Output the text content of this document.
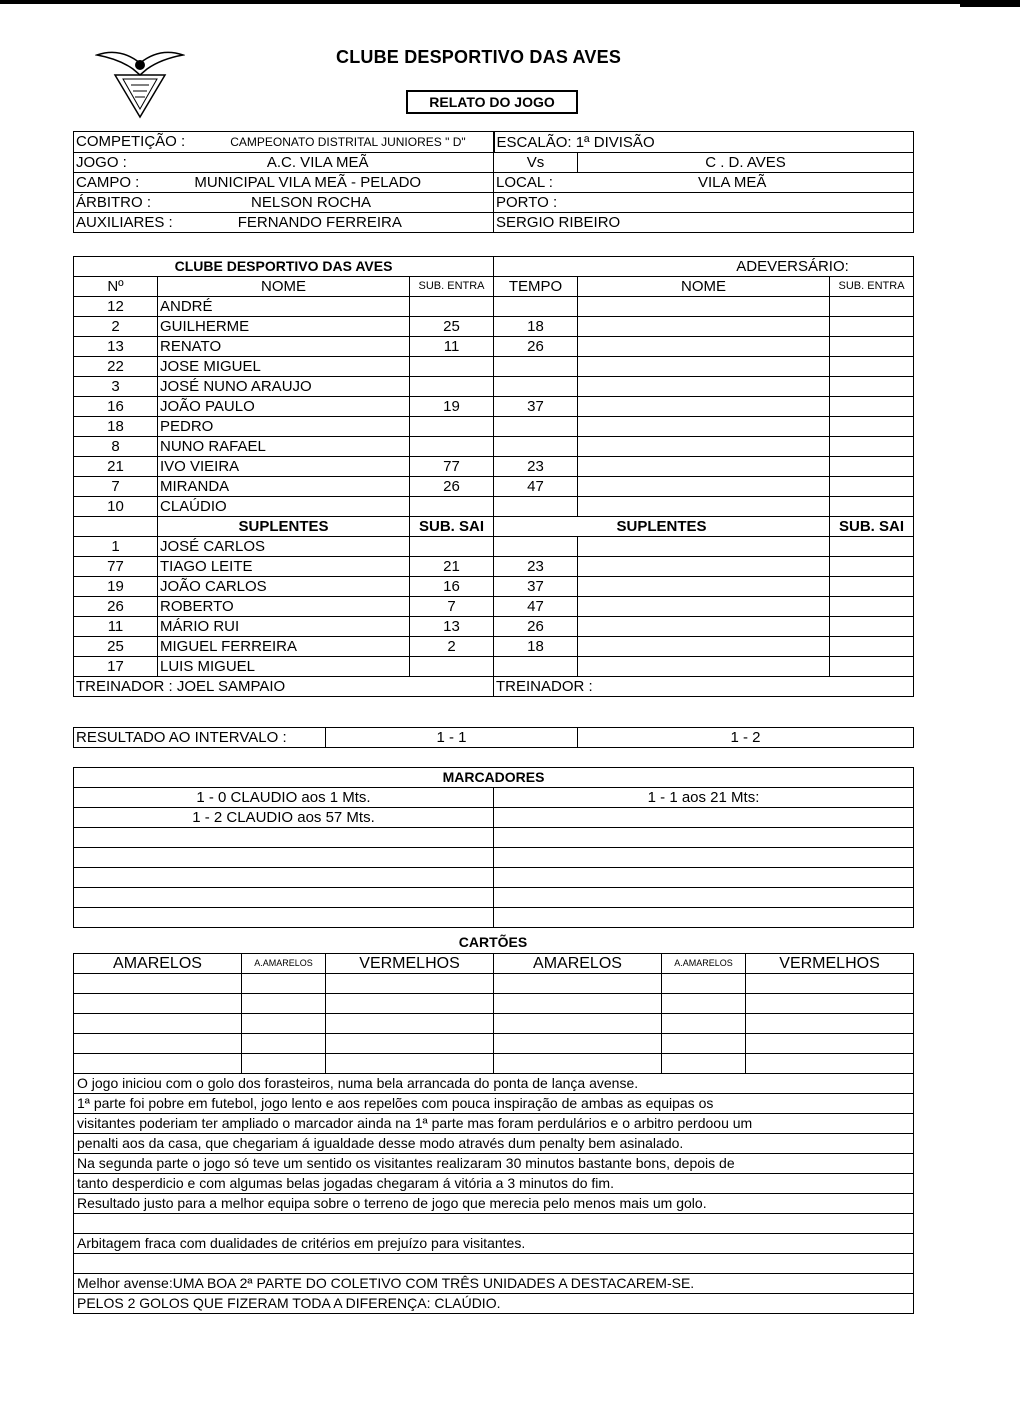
CLUBE DESPORTIVO DAS AVES
RELATO DO JOGO
COMPETIÇÃO : CAMPEONATO DISTRITAL JUNIORES " D"	ESCALÃO: 1ª DIVISÃO	
JOGO : A.C. VILA MEÃ	Vs	C . D. AVES
CAMPO : MUNICIPAL VILA MEÃ - PELADO	LOCAL : VILA MEÃ	
ÁRBITRO : NELSON ROCHA	PORTO :	
AUXILIARES : FERNANDO FERREIRA	SERGIO RIBEIRO	
CLUBE DESPORTIVO DAS AVES			ADEVERSÁRIO:		
Nº	NOME	SUB. ENTRA	TEMPO	NOME	SUB. ENTRA
12	ANDRÉ				
2	GUILHERME	25	18		
13	RENATO	11	26		
22	JOSE MIGUEL				
3	JOSÉ NUNO ARAUJO				
16	JOÃO PAULO	19	37		
18	PEDRO				
8	NUNO RAFAEL				
21	IVO VIEIRA	77	23		
7	MIRANDA	26	47		
10	CLAÚDIO				
	SUPLENTES	SUB. SAI	SUPLENTES		SUB. SAI
1	JOSÉ CARLOS				
77	TIAGO LEITE	21	23		
19	JOÃO CARLOS	16	37		
26	ROBERTO	7	47		
11	MÁRIO RUI	13	26		
25	MIGUEL FERREIRA	2	18		
17	LUIS MIGUEL				
TREINADOR : JOEL SAMPAIO			TREINADOR :		
RESULTADO AO INTERVALO :	1 - 1	1 - 2
MARCADORES	
1 - 0 CLAUDIO aos 1 Mts.	1 - 1 aos 21 Mts:
1 - 2 CLAUDIO aos 57 Mts.	

CARTÕES
AMARELOS	A.AMARELOS	VERMELHOS	AMARELOS	A.AMARELOS	VERMELHOS

O jogo iniciou com o golo dos forasteiros, numa bela arrancada do ponta de lança avense.					
1ª parte foi pobre em futebol, jogo lento e aos repelões com pouca inspiração de ambas as equipas os					
visitantes poderiam ter ampliado o marcador ainda na 1ª parte mas foram perdulários e o arbitro perdoou um					
penalti aos da casa, que chegariam á igualdade desse modo através dum penalty bem asinalado.					
Na segunda parte o jogo só teve um sentido os visitantes realizaram 30 minutos bastante bons, depois de					
tanto desperdicio e com algumas belas jogadas chegaram á vitória a 3 minutos do fim.					
Resultado justo para a melhor equipa sobre o terreno de jogo que merecia pelo menos mais um golo.					

Arbitagem fraca com dualidades de critérios em prejuízo para visitantes.					

Melhor avense:UMA BOA 2ª PARTE DO COLETIVO COM TRÊS UNIDADES A DESTACAREM-SE.					
PELOS 2 GOLOS QUE FIZERAM TODA A DIFERENÇA: CLAÚDIO.					
